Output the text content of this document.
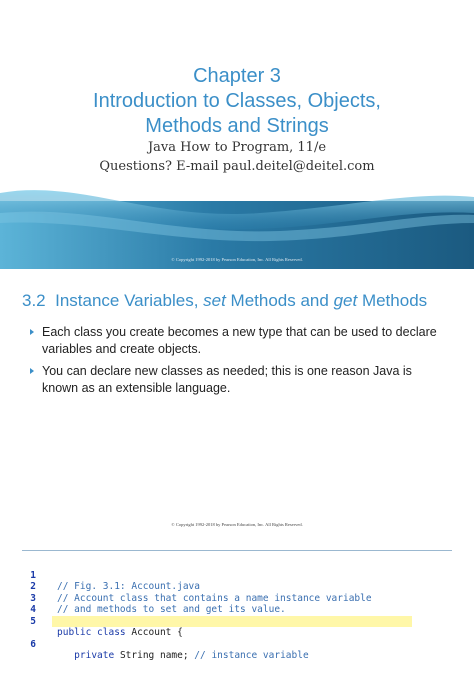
Chapter 3
Introduction to Classes, Objects,
Methods and Strings
Java How to Program, 11/e
Questions? E-mail paul.deitel@deitel.com
© Copyright 1992-2018 by Pearson Education, Inc. All Rights Reserved.
3.2 Instance Variables, set Methods and get Methods
Each class you create becomes a new type that can be used to declare variables and create objects.
You can declare new classes as needed; this is one reason Java is known as an extensible language.
© Copyright 1992-2018 by Pearson Education, Inc. All Rights Reserved.

1

// Fig. 3.1: Account.java

2

// Account class that contains a name instance variable

3

// and methods to set and get its value.

4

5

public class Account {

6

private String name; // instance variable
